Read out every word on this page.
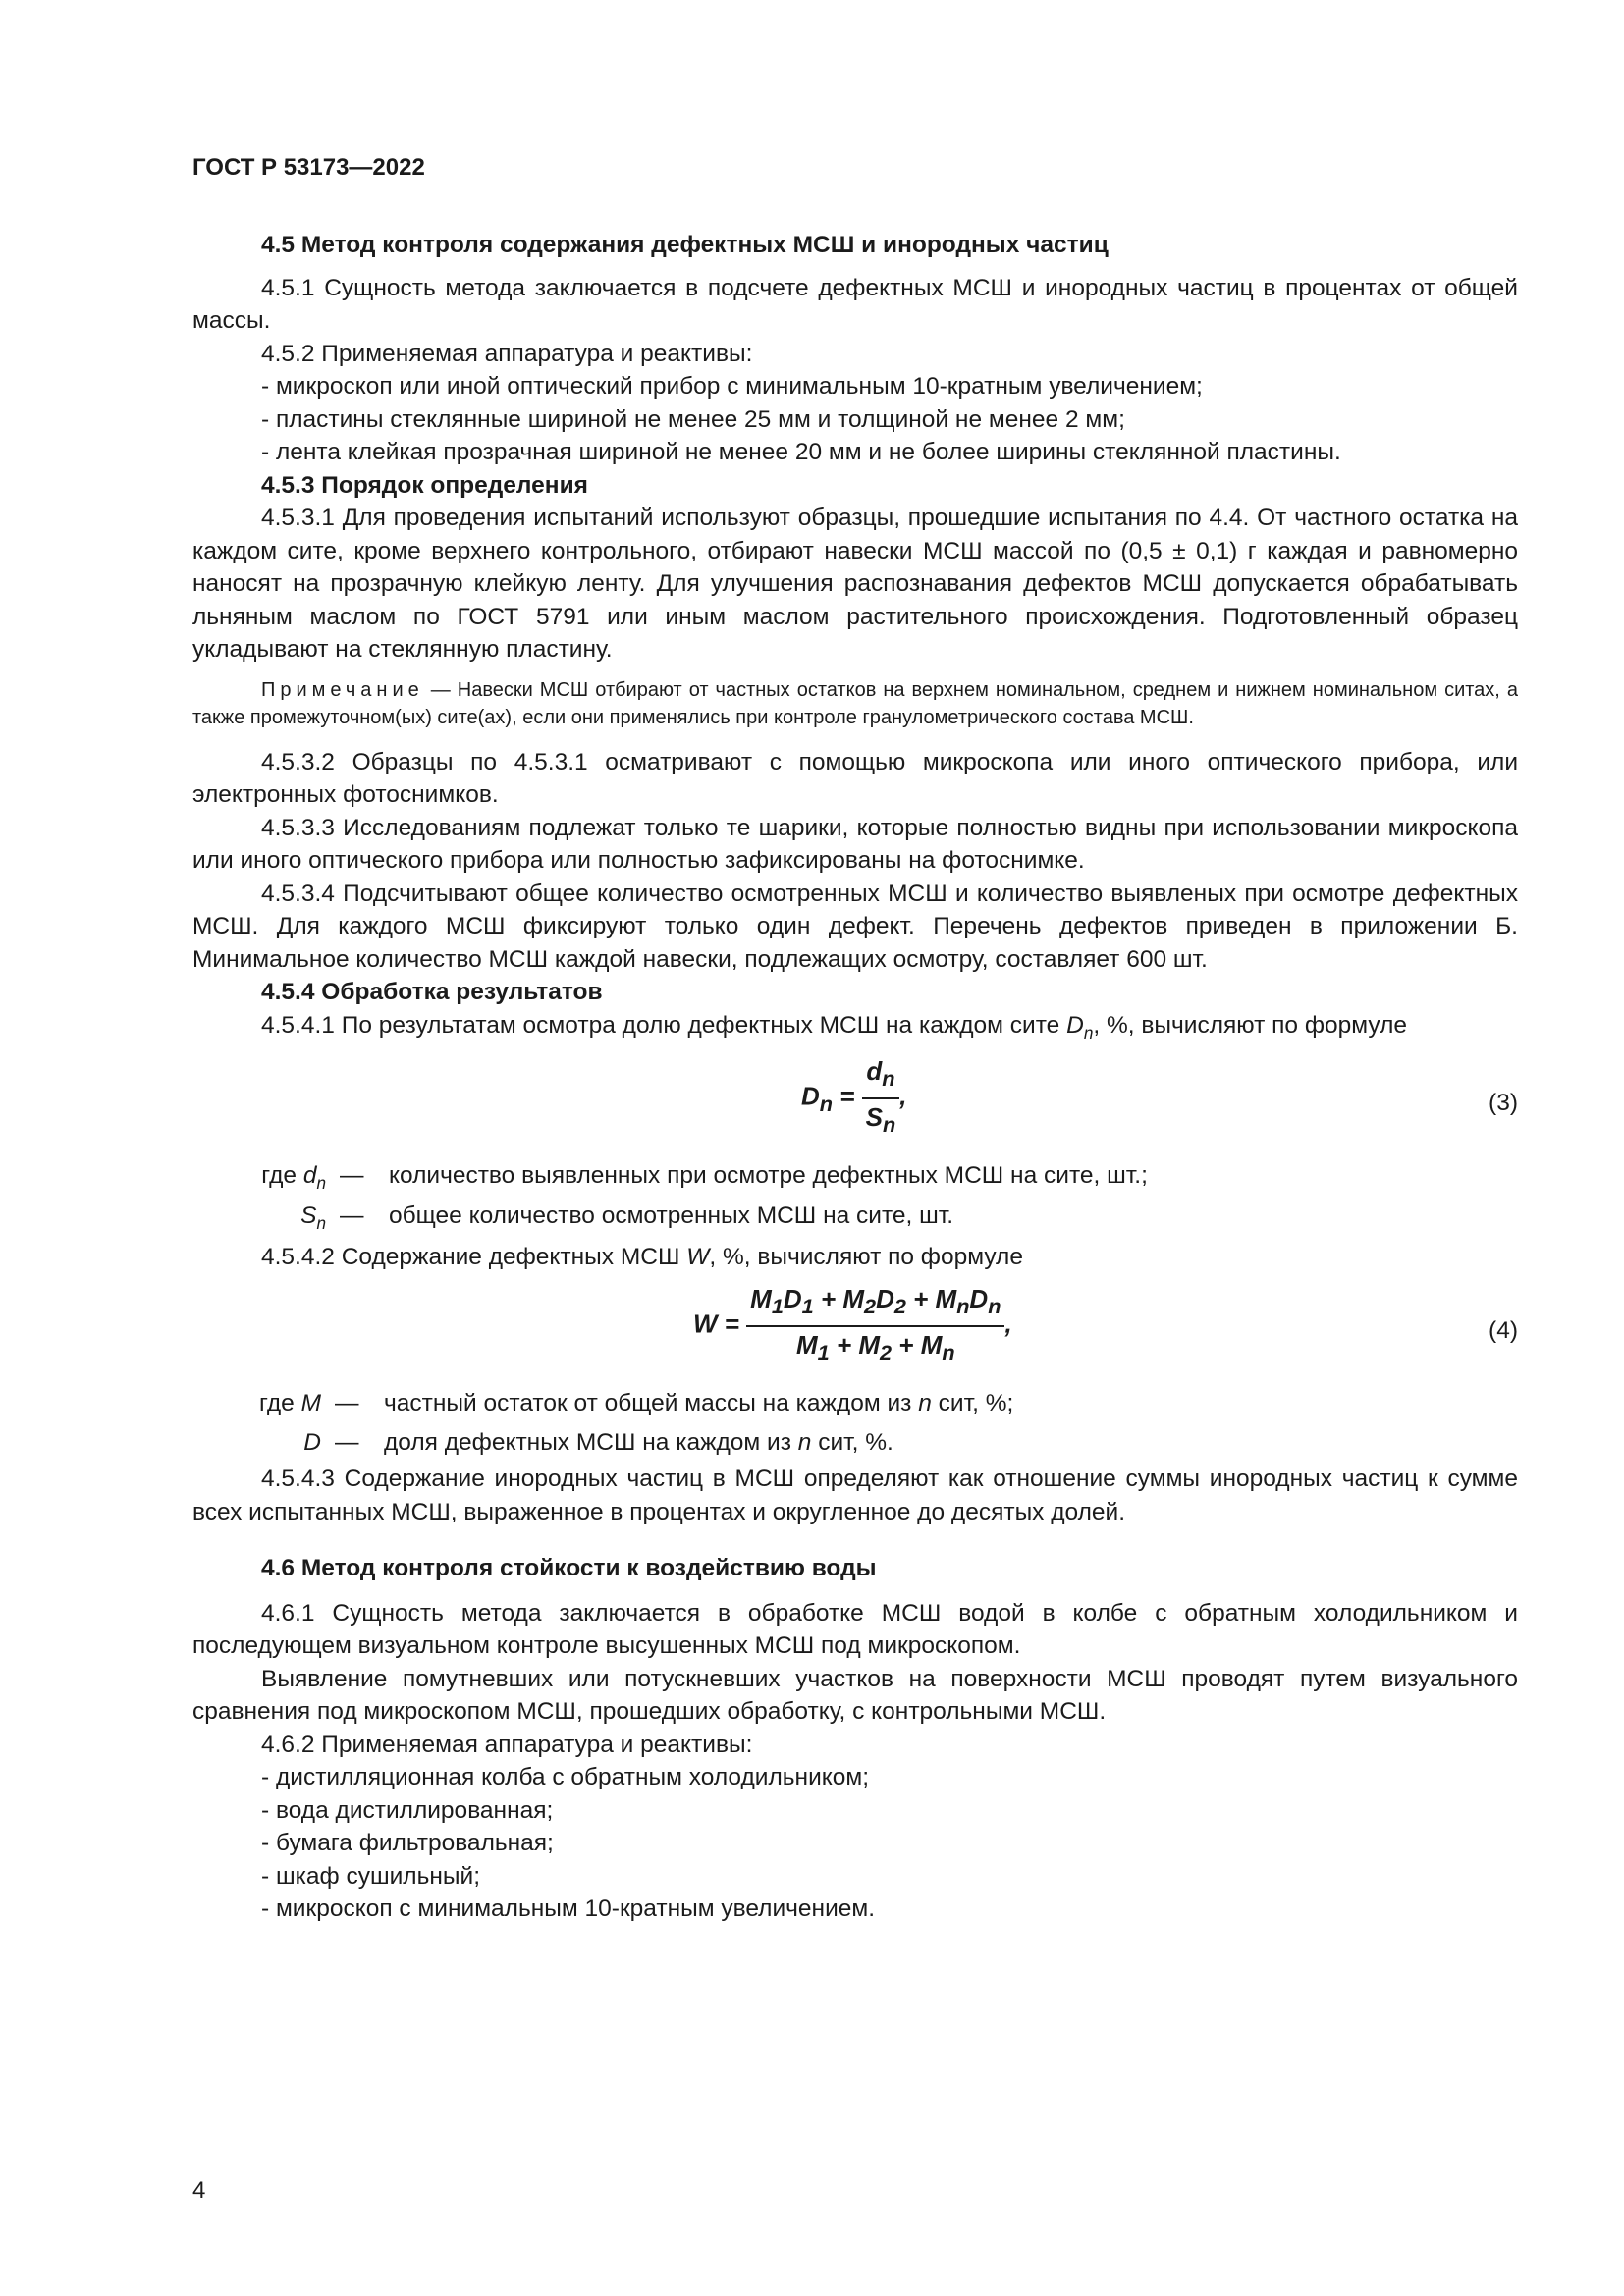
ГОСТ Р 53173—2022

4.5 Метод контроля содержания дефектных МСШ и инородных частиц

4.5.1 Сущность метода заключается в подсчете дефектных МСШ и инородных частиц в процентах от общей массы.

4.5.2 Применяемая аппаратура и реактивы:

- микроскоп или иной оптический прибор с минимальным 10-кратным увеличением;

- пластины стеклянные шириной не менее 25 мм и толщиной не менее 2 мм;

- лента клейкая прозрачная шириной не менее 20 мм и не более ширины стеклянной пластины.

4.5.3 Порядок определения

4.5.3.1 Для проведения испытаний используют образцы, прошедшие испытания по 4.4. От частного остатка на каждом сите, кроме верхнего контрольного, отбирают навески МСШ массой по (0,5 ± 0,1) г каждая и равномерно наносят на прозрачную клейкую ленту. Для улучшения распознавания дефектов МСШ допускается обрабатывать льняным маслом по ГОСТ 5791 или иным маслом растительного происхождения. Подготовленный образец укладывают на стеклянную пластину.

Примечание — Навески МСШ отбирают от частных остатков на верхнем номинальном, среднем и нижнем номинальном ситах, а также промежуточном(ых) сите(ах), если они применялись при контроле гранулометрического состава МСШ.

4.5.3.2 Образцы по 4.5.3.1 осматривают с помощью микроскопа или иного оптического прибора, или электронных фотоснимков.

4.5.3.3 Исследованиям подлежат только те шарики, которые полностью видны при использовании микроскопа или иного оптического прибора или полностью зафиксированы на фотоснимке.

4.5.3.4 Подсчитывают общее количество осмотренных МСШ и количество выявленых при осмотре дефектных МСШ. Для каждого МСШ фиксируют только один дефект. Перечень дефектов приведен в приложении Б. Минимальное количество МСШ каждой навески, подлежащих осмотру, составляет 600 шт.

4.5.4 Обработка результатов

4.5.4.1 По результатам осмотра долю дефектных МСШ на каждом сите $D_n$, %, вычисляют по формуле

$D_n = \frac{d_n}{S_n}$ ,	(3)
где $d_n$ —	количество выявленных при осмотре дефектных МСШ на сите, шт.;
$S_n$ —	общее количество осмотренных МСШ на сите, шт.

4.5.4.2 Содержание дефектных МСШ W, %, вычисляют по формуле

$W = \frac{M_1D_1 + M_2D_2 + M_nD_n}{M_1 + M_2 + M_n}$ ,	(4)
где M —	частный остаток от общей массы на каждом из n сит, %;
D —	доля дефектных МСШ на каждом из n сит, %.

4.5.4.3 Содержание инородных частиц в МСШ определяют как отношение суммы инородных частиц к сумме всех испытанных МСШ, выраженное в процентах и округленное до десятых долей.

4.6 Метод контроля стойкости к воздействию воды

4.6.1 Сущность метода заключается в обработке МСШ водой в колбе с обратным холодильником и последующем визуальном контроле высушенных МСШ под микроскопом.

Выявление помутневших или потускневших участков на поверхности МСШ проводят путем визуального сравнения под микроскопом МСШ, прошедших обработку, с контрольными МСШ.

4.6.2 Применяемая аппаратура и реактивы:

- дистилляционная колба с обратным холодильником;

- вода дистиллированная;

- бумага фильтровальная;

- шкаф сушильный;

- микроскоп с минимальным 10-кратным увеличением.

4
